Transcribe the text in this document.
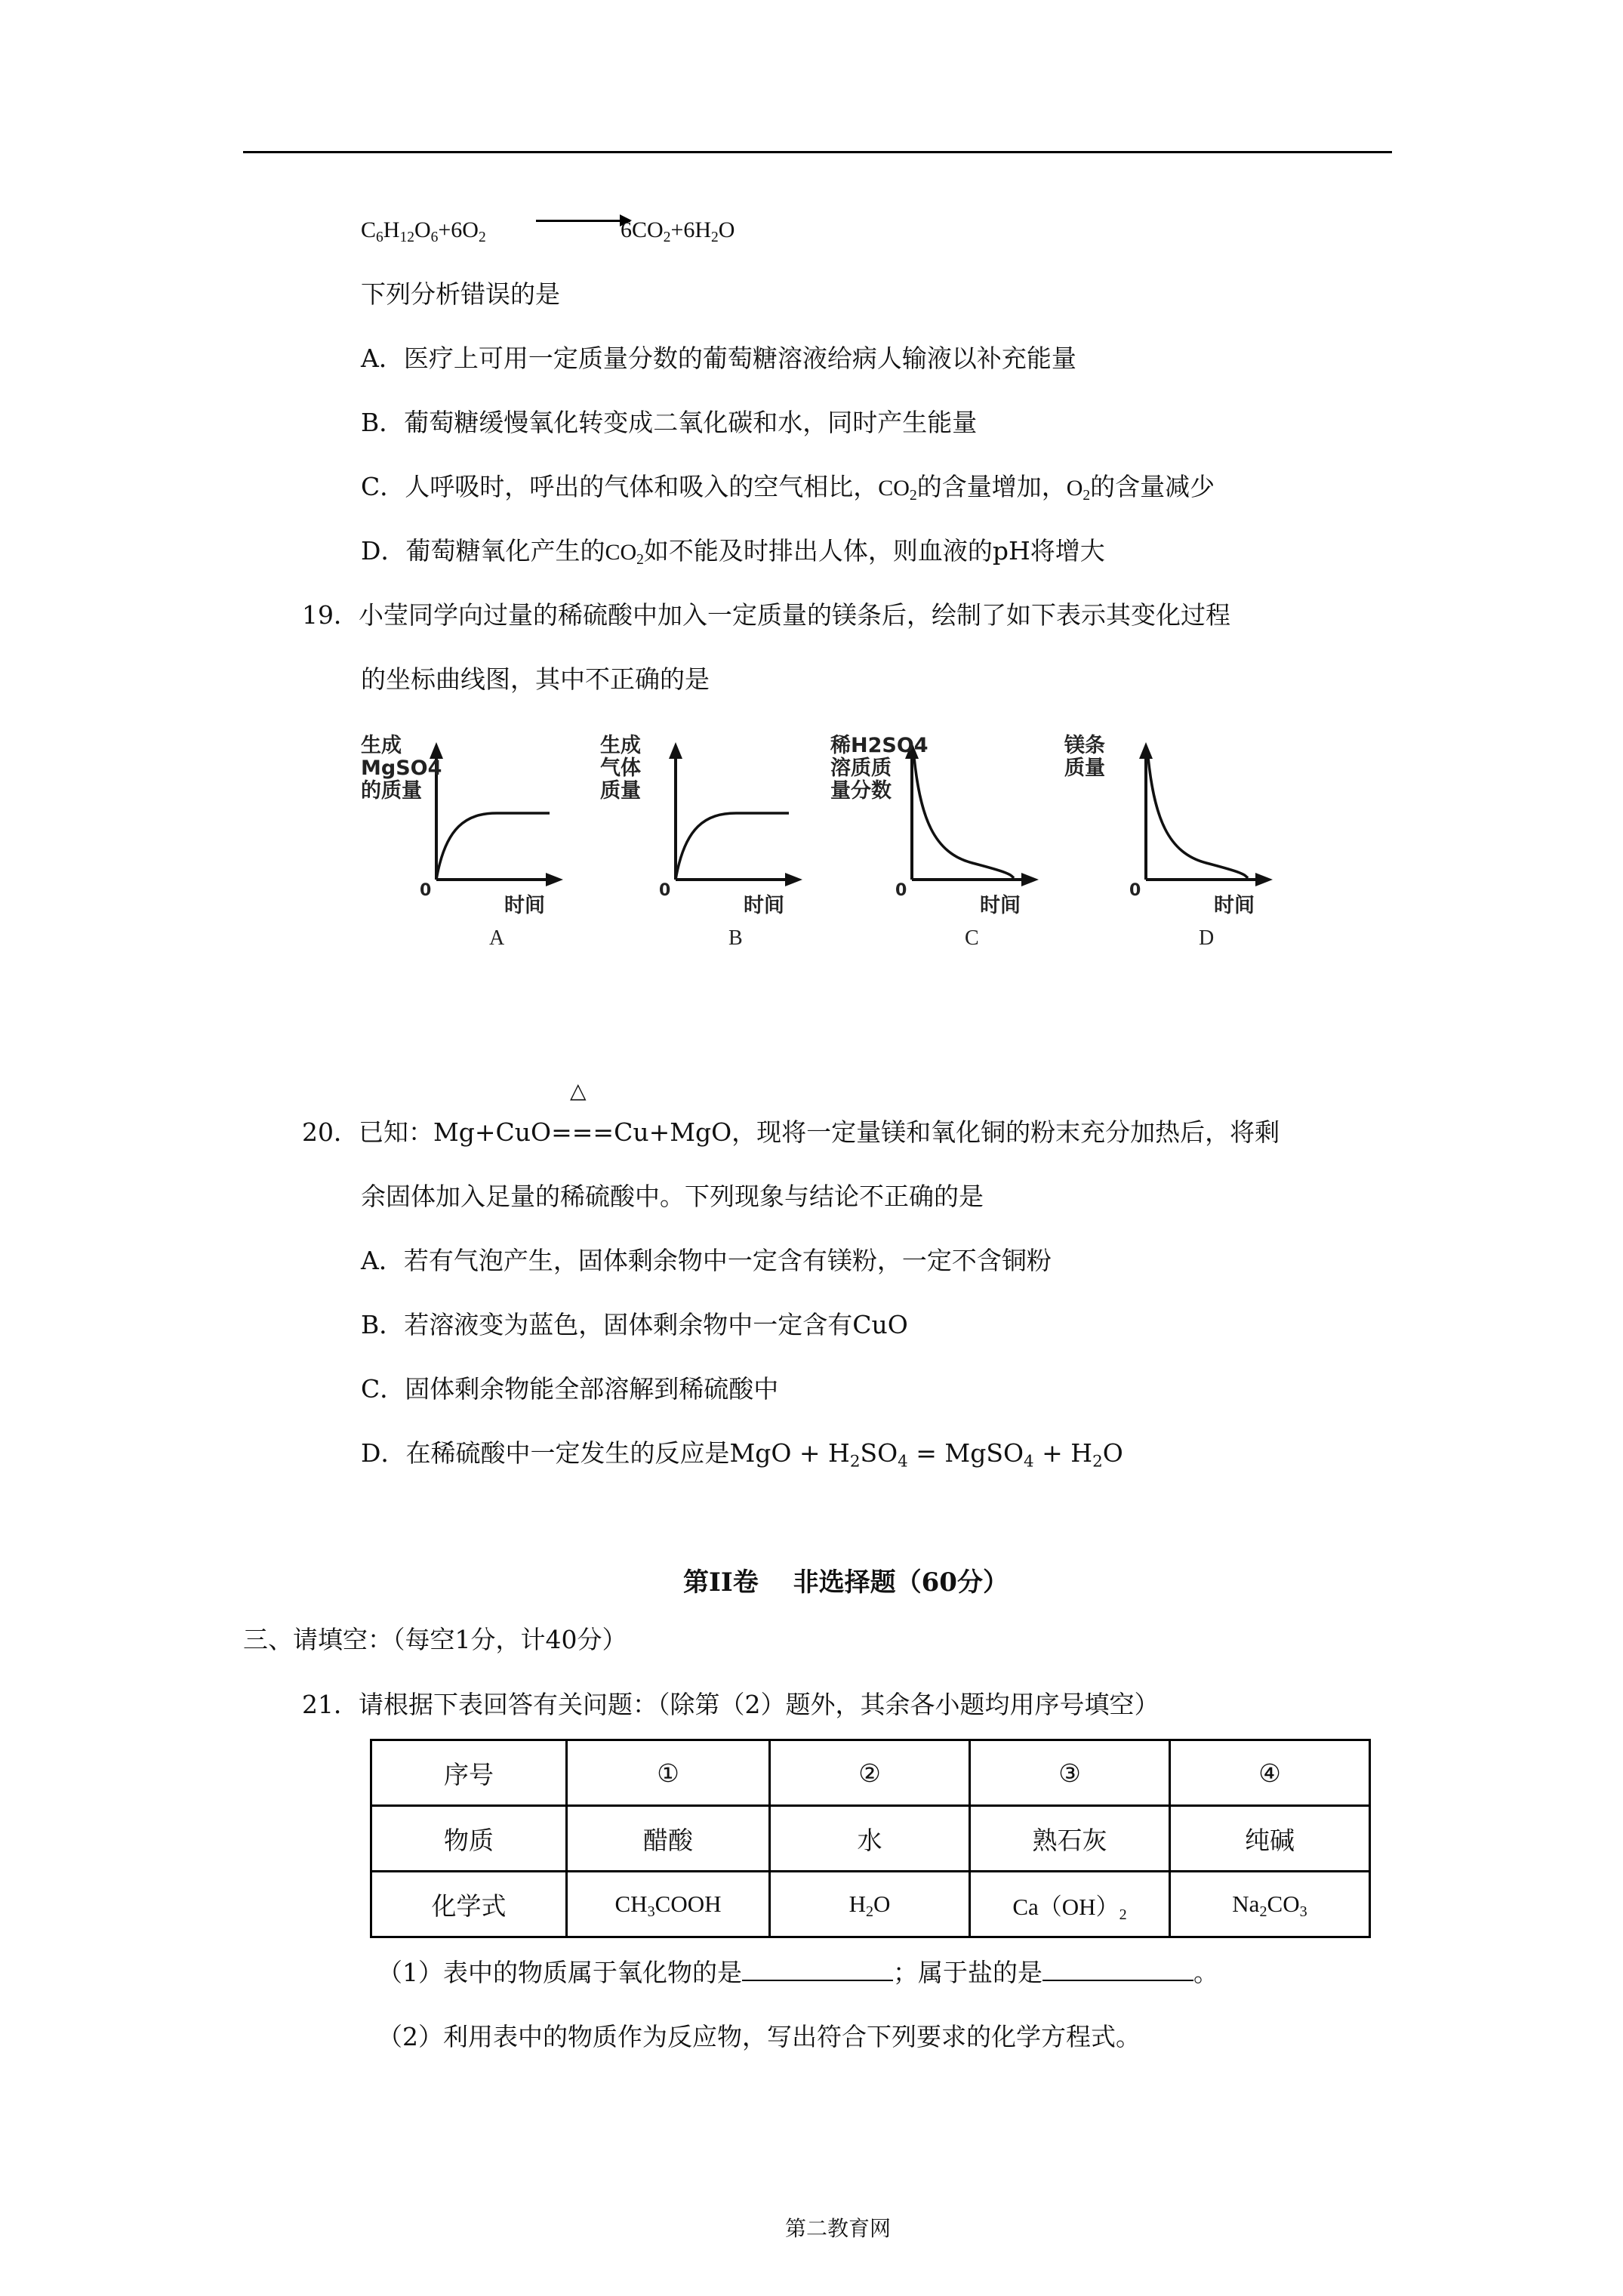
$C_6H_{12}O_6+6O_2$	$6CO_2+6H_2O$
下列分析错误的是
A．医疗上可用一定质量分数的葡萄糖溶液给病人输液以补充能量
B．葡萄糖缓慢氧化转变成二氧化碳和水，同时产生能量
C．人呼吸时，呼出的气体和吸入的空气相比，$CO_2$的含量增加，$O_2$的含量减少
D．葡萄糖氧化产生的$CO_2$如不能及时排出人体，则血液的pH将增大
19．小莹同学向过量的稀硫酸中加入一定质量的镁条后，绘制了如下表示其变化过程
的坐标曲线图，其中不正确的是
生成
MgSO4
的质量
0
时间
A
生成
气体
质量
0
时间
B
稀H2SO4
溶质质
量分数
0
时间
C
镁条
质量
0
时间
D
△
20．已知：Mg+CuO===Cu+MgO，现将一定量镁和氧化铜的粉末充分加热后，将剩
余固体加入足量的稀硫酸中。下列现象与结论不正确的是
A．若有气泡产生，固体剩余物中一定含有镁粉，一定不含铜粉
B．若溶液变为蓝色，固体剩余物中一定含有CuO
C．固体剩余物能全部溶解到稀硫酸中
D．在稀硫酸中一定发生的反应是MgO + $H_2SO_4$ = MgSO$_4$ + $H_2O$
第II卷　 非选择题（60分）
三、请填空：（每空1分，计40分）
21．请根据下表回答有关问题：（除第（2）题外，其余各小题均用序号填空）
序号	①	②	③	④
物质	醋酸	水	熟石灰	纯碱
化学式	$CH_3COOH$	$H_2O$	$Ca(OH)_2$	$Na_2CO_3$
（1）表中的物质属于氧化物的是	；属于盐的是	。
（2）利用表中的物质作为反应物，写出符合下列要求的化学方程式。
第二教育网
